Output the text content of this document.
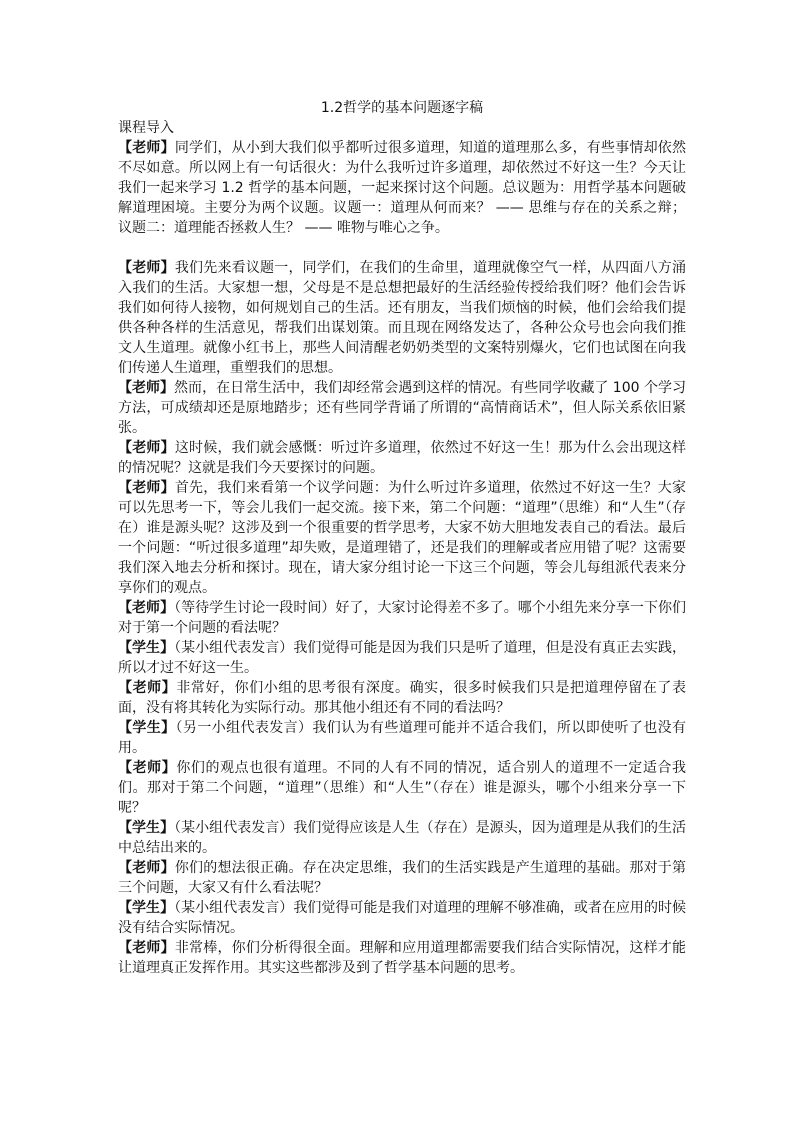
1.2哲学的基本问题逐字稿

课程导入

【老师】同学们，从小到大我们似乎都听过很多道理，知道的道理那么多，有些事情却依然不尽如意。所以网上有一句话很火：为什么我听过许多道理，却依然过不好这一生？今天让我们一起来学习 1.2 哲学的基本问题，一起来探讨这个问题。总议题为：用哲学基本问题破解道理困境。主要分为两个议题。议题一：道理从何而来？ —— 思维与存在的关系之辩；议题二：道理能否拯救人生？ —— 唯物与唯心之争。

【老师】我们先来看议题一，同学们，在我们的生命里，道理就像空气一样，从四面八方涌入我们的生活。大家想一想，父母是不是总想把最好的生活经验传授给我们呀？他们会告诉我们如何待人接物，如何规划自己的生活。还有朋友，当我们烦恼的时候，他们会给我们提供各种各样的生活意见，帮我们出谋划策。而且现在网络发达了，各种公众号也会向我们推文人生道理。就像小红书上，那些人间清醒老奶奶类型的文案特别爆火，它们也试图在向我们传递人生道理，重塑我们的思想。

【老师】然而，在日常生活中，我们却经常会遇到这样的情况。有些同学收藏了 100 个学习方法，可成绩却还是原地踏步；还有些同学背诵了所谓的“高情商话术”，但人际关系依旧紧张。

【老师】这时候，我们就会感慨：听过许多道理，依然过不好这一生！那为什么会出现这样的情况呢？这就是我们今天要探讨的问题。

【老师】首先，我们来看第一个议学问题：为什么听过许多道理，依然过不好这一生？大家可以先思考一下，等会儿我们一起交流。接下来，第二个问题：“道理”（思维）和“人生”（存在）谁是源头呢？这涉及到一个很重要的哲学思考，大家不妨大胆地发表自己的看法。最后一个问题：“听过很多道理”却失败，是道理错了，还是我们的理解或者应用错了呢？这需要我们深入地去分析和探讨。现在，请大家分组讨论一下这三个问题，等会儿每组派代表来分享你们的观点。

【老师】（等待学生讨论一段时间）好了，大家讨论得差不多了。哪个小组先来分享一下你们对于第一个问题的看法呢？

【学生】（某小组代表发言）我们觉得可能是因为我们只是听了道理，但是没有真正去实践，所以才过不好这一生。

【老师】非常好，你们小组的思考很有深度。确实，很多时候我们只是把道理停留在了表面，没有将其转化为实际行动。那其他小组还有不同的看法吗？

【学生】（另一小组代表发言）我们认为有些道理可能并不适合我们，所以即使听了也没有用。

【老师】你们的观点也很有道理。不同的人有不同的情况，适合别人的道理不一定适合我们。那对于第二个问题，“道理”（思维）和“人生”（存在）谁是源头，哪个小组来分享一下呢？

【学生】（某小组代表发言）我们觉得应该是人生（存在）是源头，因为道理是从我们的生活中总结出来的。

【老师】你们的想法很正确。存在决定思维，我们的生活实践是产生道理的基础。那对于第三个问题，大家又有什么看法呢？

【学生】（某小组代表发言）我们觉得可能是我们对道理的理解不够准确，或者在应用的时候没有结合实际情况。

【老师】非常棒，你们分析得很全面。理解和应用道理都需要我们结合实际情况，这样才能让道理真正发挥作用。其实这些都涉及到了哲学基本问题的思考。
